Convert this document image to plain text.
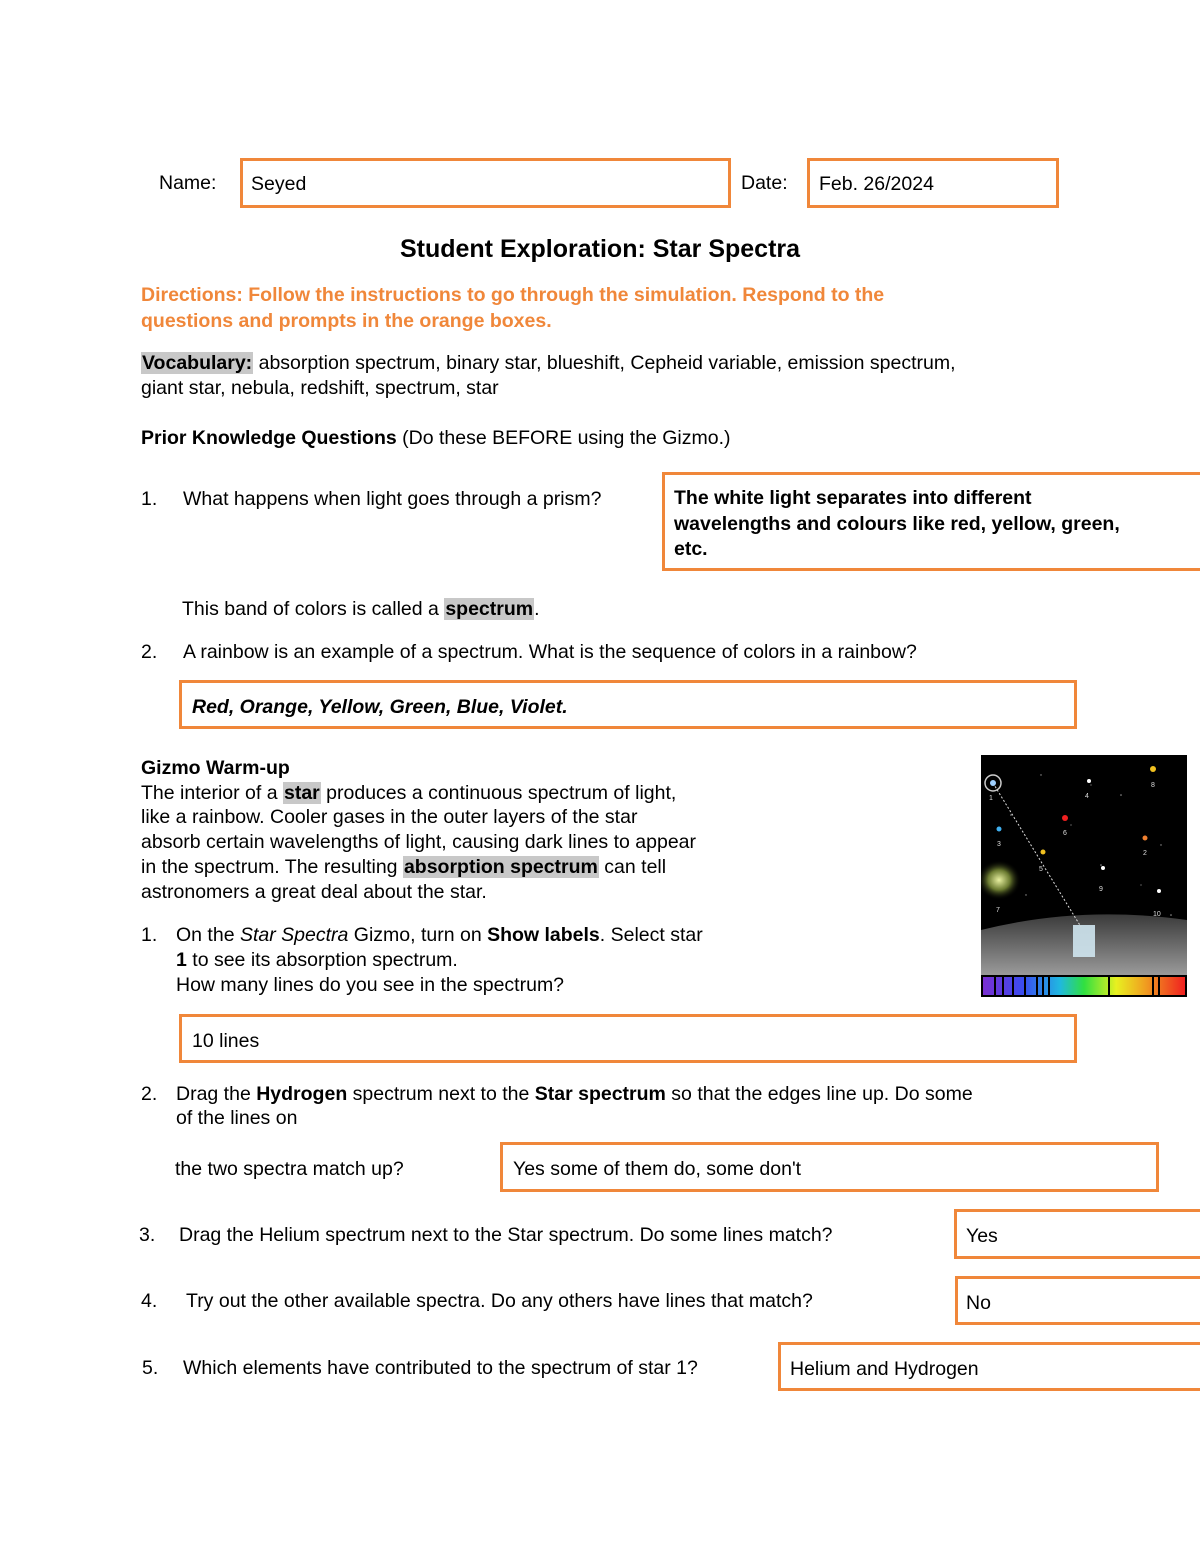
Name: Seyed	Date: Feb. 26/2024
Student Exploration: Star Spectra
Directions: Follow the instructions to go through the simulation. Respond to the
questions and prompts in the orange boxes.
Vocabulary: absorption spectrum, binary star, blueshift, Cepheid variable, emission spectrum,
giant star, nebula, redshift, spectrum, star
Prior Knowledge Questions (Do these BEFORE using the Gizmo.)
1. What happens when light goes through a prism?	The white light separates into different
wavelengths and colours like red, yellow, green,
etc.
This band of colors is called a spectrum.
2. A rainbow is an example of a spectrum. What is the sequence of colors in a rainbow?
Red, Orange, Yellow, Green, Blue, Violet.
Gizmo Warm-up
The interior of a star produces a continuous spectrum of light,
like a rainbow. Cooler gases in the outer layers of the star
absorb certain wavelengths of light, causing dark lines to appear
in the spectrum. The resulting absorption spectrum can tell
astronomers a great deal about the star.
1
2
3
4
5
6
7
8
9
10
1. On the Star Spectra Gizmo, turn on Show labels. Select star
1 to see its absorption spectrum.
How many lines do you see in the spectrum?
10 lines
2. Drag the Hydrogen spectrum next to the Star spectrum so that the edges line up. Do some
of the lines on
the two spectra match up?	Yes some of them do, some don't
3. Drag the Helium spectrum next to the Star spectrum. Do some lines match?	Yes
4. Try out the other available spectra. Do any others have lines that match?	No
5. Which elements have contributed to the spectrum of star 1?	Helium and Hydrogen
